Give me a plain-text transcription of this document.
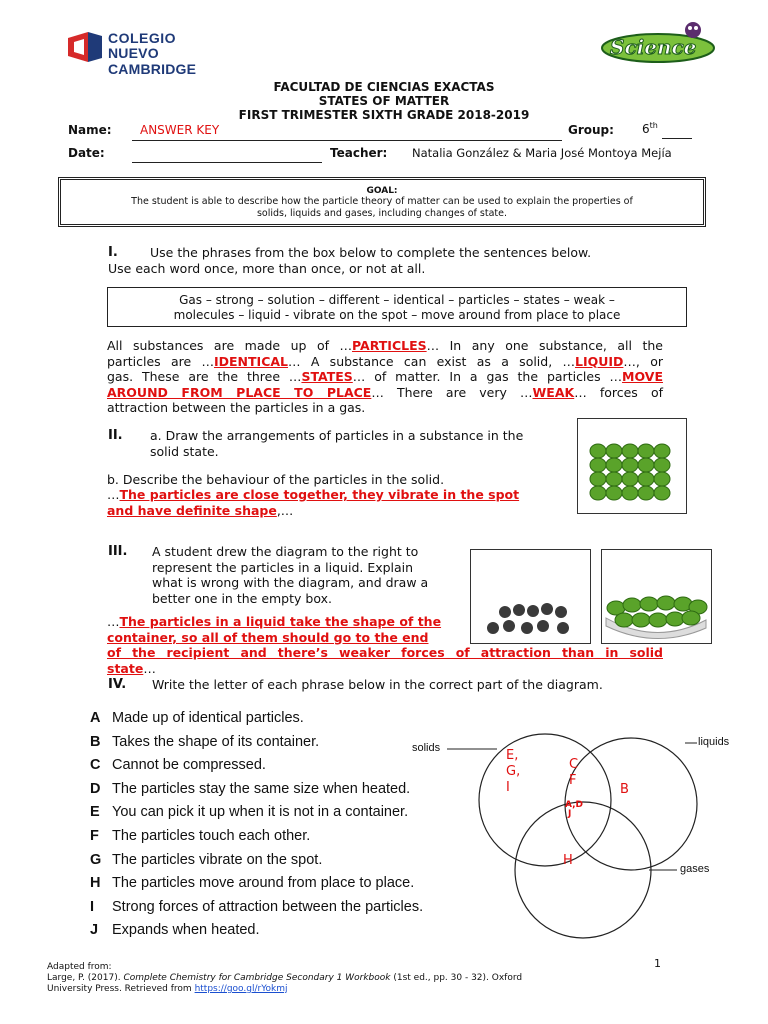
COLEGIO
NUEVO CAMBRIDGE
Science
FACULTAD DE CIENCIAS EXACTAS
STATES OF MATTER
FIRST TRIMESTER SIXTH GRADE 2018-2019
Name: ANSWER KEY	Group: 6th
Date:	Teacher: Natalia González & Maria José Montoya Mejía
GOAL:
The student is able to describe how the particle theory of matter can be used to explain the properties of
solids, liquids and gases, including changes of state.
I.	Use the phrases from the box below to complete the sentences below.
Use each word once, more than once, or not at all.
Gas – strong – solution – different – identical – particles – states – weak –
molecules – liquid - vibrate on the spot – move around from place to place
All substances are made up of …PARTICLES… In any one substance, all the
particles are …IDENTICAL… A substance can exist as a solid, …LIQUID…, or
gas. These are the three …STATES… of matter. In a gas the particles …MOVE
AROUND FROM PLACE TO PLACE… There are very …WEAK… forces of
attraction between the particles in a gas.
II. a. Draw the arrangements of particles in a substance in the
solid state.
b. Describe the behaviour of the particles in the solid.
…The particles are close together, they vibrate in the spot
and have definite shape,…
III. A student drew the diagram to the right to
represent the particles in a liquid. Explain
what is wrong with the diagram, and draw a
better one in the empty box.
…The particles in a liquid take the shape of the
container, so all of them should go to the end
of the recipient and there’s weaker forces of attraction than in solid
state…
IV. Write the letter of each phrase below in the correct part of the diagram.
A Made up of identical particles.
B Takes the shape of its container.
C Cannot be compressed.
D The particles stay the same size when heated.
E You can pick it up when it is not in a container.
F The particles touch each other.
G The particles vibrate on the spot.
H The particles move around from place to place.
I Strong forces of attraction between the particles.
J Expands when heated.
solids	liquids
gases
E,
G,
I
C
F
B
A,D
J
H
Adapted from:
Large, P. (2017). Complete Chemistry for Cambridge Secondary 1 Workbook (1st ed., pp. 30 - 32). Oxford
University Press. Retrieved from https://goo.gl/rYokmj
1
